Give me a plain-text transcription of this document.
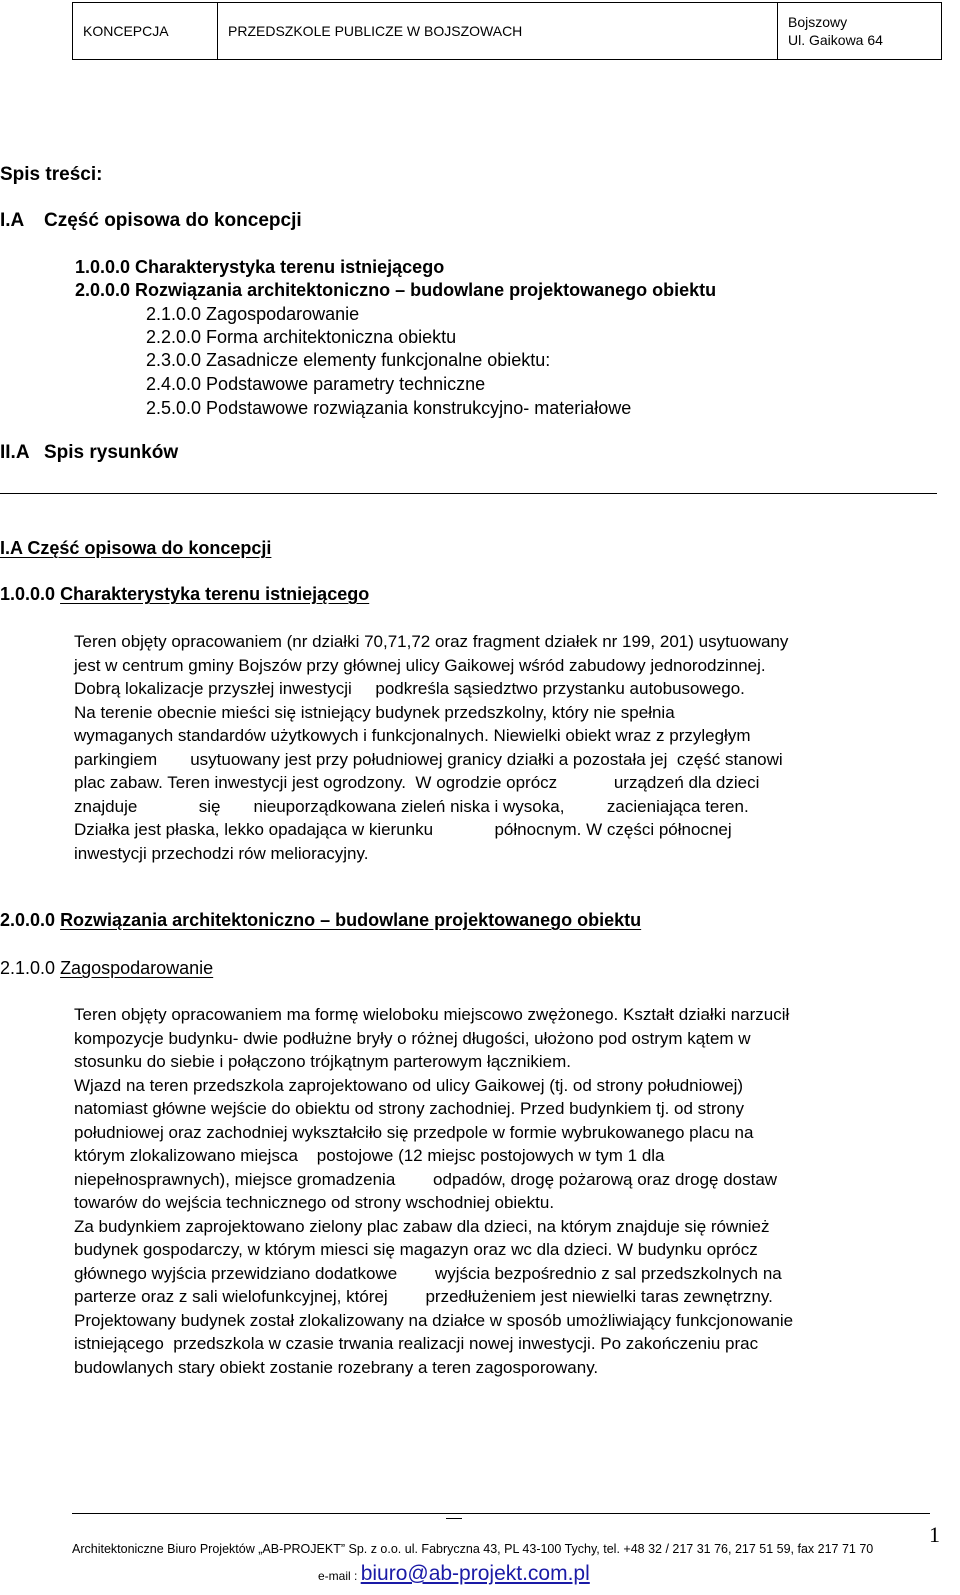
KONCEPCJA	PRZEDSZKOLE PUBLICZE W BOJSZOWACH
Bojszowy
Ul. Gaikowa 64
Spis treści:
I.A Część opisowa do koncepcji
1.0.0.0 Charakterystyka terenu istniejącego
2.0.0.0 Rozwiązania architektoniczno – budowlane projektowanego obiektu
2.1.0.0 Zagospodarowanie
2.2.0.0 Forma architektoniczna obiektu
2.3.0.0 Zasadnicze elementy funkcjonalne obiektu:
2.4.0.0 Podstawowe parametry techniczne
2.5.0.0 Podstawowe rozwiązania konstrukcyjno- materiałowe
II.A Spis rysunków
I.A Część opisowa do koncepcji
1.0.0.0 Charakterystyka terenu istniejącego

Teren objęty opracowaniem (nr działki 70,71,72 oraz fragment działek nr 199, 201) usytuowany

jest w centrum gminy Bojszów przy głównej ulicy Gaikowej wśród zabudowy jednorodzinnej.

Dobrą lokalizacje przyszłej inwestycji     podkreśla sąsiedztwo przystanku autobusowego.

Na terenie obecnie mieści się istniejący budynek przedszkolny, który nie spełnia

wymaganych standardów użytkowych i funkcjonalnych. Niewielki obiekt wraz z przyległym

parkingiem       usytuowany jest przy południowej granicy działki a pozostała jej  część stanowi

plac zabaw. Teren inwestycji jest ogrodzony.  W ogrodzie oprócz            urządzeń dla dzieci

znajduje             się       nieuporządkowana zieleń niska i wysoka,         zacieniająca teren.

Działka jest płaska, lekko opadająca w kierunku             północnym. W części północnej

inwestycji przechodzi rów melioracyjny.

2.0.0.0 Rozwiązania architektoniczno – budowlane projektowanego obiektu
2.1.0.0 Zagospodarowanie

Teren objęty opracowaniem ma formę wieloboku miejscowo zwężonego. Kształt działki narzucił

kompozycje budynku- dwie podłużne bryły o różnej długości, ułożono pod ostrym kątem w

stosunku do siebie i połączono trójkątnym parterowym łącznikiem.

Wjazd na teren przedszkola zaprojektowano od ulicy Gaikowej (tj. od strony południowej)

natomiast główne wejście do obiektu od strony zachodniej. Przed budynkiem tj. od strony

południowej oraz zachodniej wykształciło się przedpole w formie wybrukowanego placu na

którym zlokalizowano miejsca    postojowe (12 miejsc postojowych w tym 1 dla

niepełnosprawnych), miejsce gromadzenia        odpadów, drogę pożarową oraz drogę dostaw

towarów do wejścia technicznego od strony wschodniej obiektu.

Za budynkiem zaprojektowano zielony plac zabaw dla dzieci, na którym znajduje się również

budynek gospodarczy, w którym miesci się magazyn oraz wc dla dzieci. W budynku oprócz

głównego wyjścia przewidziano dodatkowe        wyjścia bezpośrednio z sal przedszkolnych na

parterze oraz z sali wielofunkcyjnej, której        przedłużeniem jest niewielki taras zewnętrzny.

Projektowany budynek został zlokalizowany na działce w sposób umożliwiający funkcjonowanie

istniejącego  przedszkola w czasie trwania realizacji nowej inwestycji. Po zakończeniu prac

budowlanych stary obiekt zostanie rozebrany a teren zagosporowany.

1
Architektoniczne Biuro Projektów „AB-PROJEKT” Sp. z o.o. ul. Fabryczna 43, PL 43-100 Tychy, tel. +48 32 / 217 31 76, 217 51 59, fax 217 71 70
e-mail : biuro@ab-projekt.com.pl
